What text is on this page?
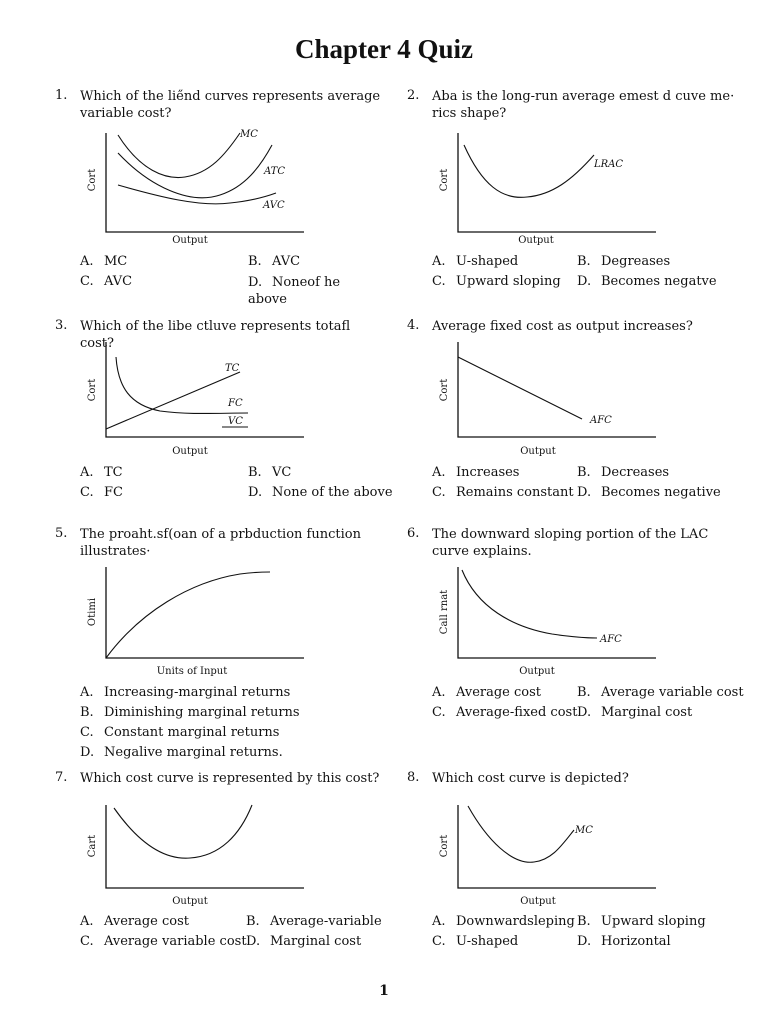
Chapter 4 Quiz
1. Which of the lie̋nd curves represents average variable cost?
MC
ATC
AVC
Output
Cort
A. MC	B. AVC
C. AVC	D. Noneof he above
2. Aba is the long-run average emest d cuve me· rics shape?
LRAC
Output
Cort
A. U-shaped	B. Degreases
C. Upward sloping D. Becomes negatve
3. Which of the libe ctluve represents totafl cost?
TC
FC
VC
Output
Cort
A. TC	B. VC
C. FC	D. None of the above
4. Average fixed cost as output increases?
AFC
Output
Cort
A. Increases	B. Decreases
C. Remains constant D. Becomes negative
5. The proaht.sf(oan of a prbduction function illustrates·
Units of Input
Otimi
A. Increasing-marginal returns
B. Diminishing marginal returns
C. Constant marginal returns
D. Negalive marginal returns.
6. The downward sloping portion of the LAC curve explains.
AFC
Output
Call rnat
A. Average cost	B. Average variable cost
C. Average-fixed cost D. Marginal cost
7. Which cost curve is represented by this cost?
Output
Cart
A. Average cost	B. Average-variable
C. Average variable cost D. Marginal cost
8. Which cost curve is depicted?
MC
Output
Cort
A. Downwardsleping B. Upward sloping
C. U-shaped	D. Horizontal
1
